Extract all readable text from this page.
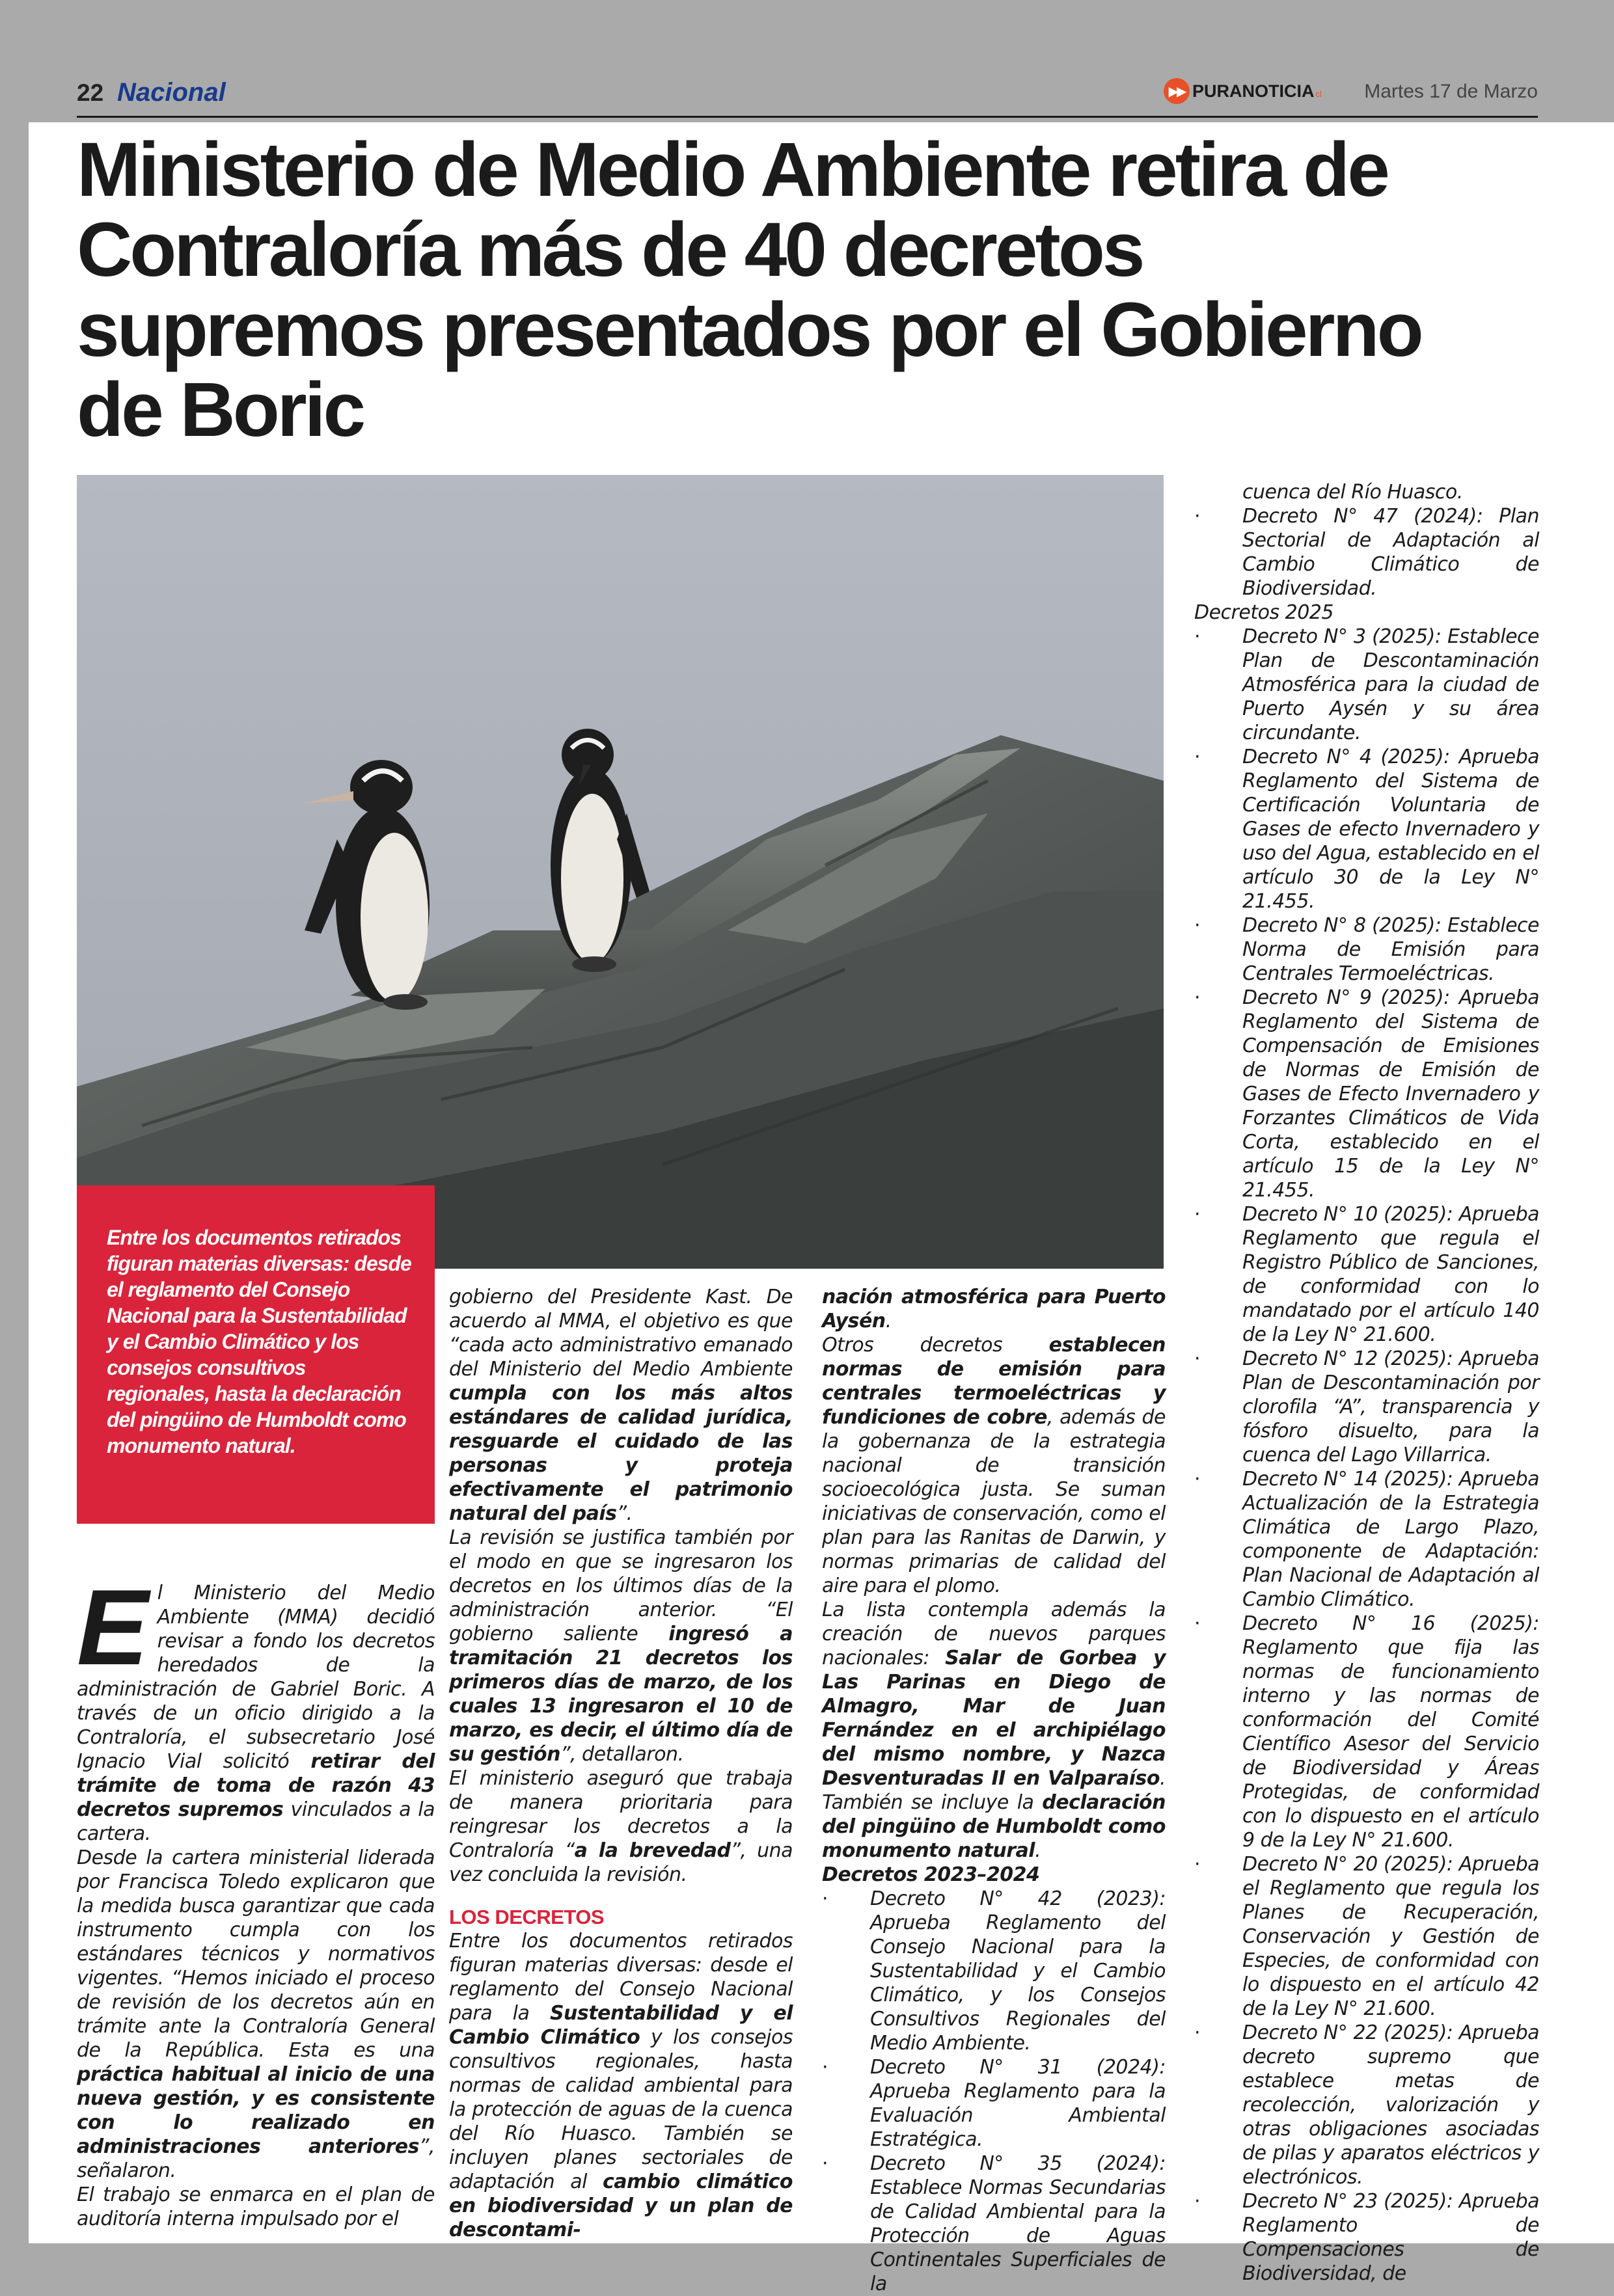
22 Nacional	▶▶ PURANOTICIA cl Martes 17 de Marzo
Ministerio de Medio Ambiente retira de Contraloría más de 40 decretos supremos presentados por el Gobierno de Boric
Entre los documentos retirados figuran materias diversas: desde el reglamento del Consejo Nacional para la Sustentabilidad y el Cambio Climático y los consejos consultivos regionales, hasta la declaración del pingüino de Humboldt como monumento natural.

El Ministerio del Medio Ambiente (MMA) decidió revisar a fondo los decretos heredados de la administración de Gabriel Boric. A través de un oficio dirigido a la Contraloría, el subsecretario José Ignacio Vial solicitó retirar del trámite de toma de razón 43 decretos supremos vinculados a la cartera.

Desde la cartera ministerial liderada por Francisca Toledo explicaron que la medida busca garantizar que cada instrumento cumpla con los estándares técnicos y normativos vigentes. “Hemos iniciado el proceso de revisión de los decretos aún en trámite ante la Contraloría General de la República. Esta es una práctica habitual al inicio de una nueva gestión, y es consistente con lo realizado en administraciones anteriores”, señalaron.

El trabajo se enmarca en el plan de auditoría interna impulsado por el

gobierno del Presidente Kast. De acuerdo al MMA, el objetivo es que “cada acto administrativo emanado del Ministerio del Medio Ambiente cumpla con los más altos estándares de calidad jurídica, resguarde el cuidado de las personas y proteja efectivamente el patrimonio natural del país”.

La revisión se justifica también por el modo en que se ingresaron los decretos en los últimos días de la administración anterior. “El gobierno saliente ingresó a tramitación 21 decretos los primeros días de marzo, de los cuales 13 ingresaron el 10 de marzo, es decir, el último día de su gestión”, detallaron.

El ministerio aseguró que trabaja de manera prioritaria para reingresar los decretos a la Contraloría “a la brevedad”, una vez concluida la revisión.

LOS DECRETOS

Entre los documentos retirados figuran materias diversas: desde el reglamento del Consejo Nacional para la Sustentabilidad y el Cambio Climático y los consejos consultivos regionales, hasta normas de calidad ambiental para la protección de aguas de la cuenca del Río Huasco. También se incluyen planes sectoriales de adaptación al cambio climático en biodiversidad y un plan de descontami-

nación atmosférica para Puerto Aysén.

Otros decretos establecen normas de emisión para centrales termoeléctricas y fundiciones de cobre, además de la gobernanza de la estrategia nacional de transición socioecológica justa. Se suman iniciativas de conservación, como el plan para las Ranitas de Darwin, y normas primarias de calidad del aire para el plomo.

La lista contempla además la creación de nuevos parques nacionales: Salar de Gorbea y Las Parinas en Diego de Almagro, Mar de Juan Fernández en el archipiélago del mismo nombre, y Nazca Desventuradas II en Valparaíso. También se incluye la declaración del pingüino de Humboldt como monumento natural.

Decretos 2023–2024

·	Decreto N° 42 (2023): Aprueba Reglamento del Consejo Nacional para la Sustentabilidad y el Cambio Climático, y los Consejos Consultivos Regionales del Medio Ambiente.
·	Decreto N° 31 (2024): Aprueba Reglamento para la Evaluación Ambiental Estratégica.
·	Decreto N° 35 (2024): Establece Normas Secundarias de Calidad Ambiental para la Protección de Aguas Continentales Superficiales de la

cuenca del Río Huasco.

·	Decreto N° 47 (2024): Plan Sectorial de Adaptación al Cambio Climático de Biodiversidad.

Decretos 2025

·	Decreto N° 3 (2025): Establece Plan de Descontaminación Atmosférica para la ciudad de Puerto Aysén y su área circundante.
·	Decreto N° 4 (2025): Aprueba Reglamento del Sistema de Certificación Voluntaria de Gases de efecto Invernadero y uso del Agua, establecido en el artículo 30 de la Ley N° 21.455.
·	Decreto N° 8 (2025): Establece Norma de Emisión para Centrales Termoeléctricas.
·	Decreto N° 9 (2025): Aprueba Reglamento del Sistema de Compensación de Emisiones de Normas de Emisión de Gases de Efecto Invernadero y Forzantes Climáticos de Vida Corta, establecido en el artículo 15 de la Ley N° 21.455.
·	Decreto N° 10 (2025): Aprueba Reglamento que regula el Registro Público de Sanciones, de conformidad con lo mandatado por el artículo 140 de la Ley N° 21.600.
·	Decreto N° 12 (2025): Aprueba Plan de Descontaminación por clorofila “A”, transparencia y fósforo disuelto, para la cuenca del Lago Villarrica.
·	Decreto N° 14 (2025): Aprueba Actualización de la Estrategia Climática de Largo Plazo, componente de Adaptación: Plan Nacional de Adaptación al Cambio Climático.
·	Decreto N° 16 (2025): Reglamento que fija las normas de funcionamiento interno y las normas de conformación del Comité Científico Asesor del Servicio de Biodiversidad y Áreas Protegidas, de conformidad con lo dispuesto en el artículo 9 de la Ley N° 21.600.
·	Decreto N° 20 (2025): Aprueba el Reglamento que regula los Planes de Recuperación, Conservación y Gestión de Especies, de conformidad con lo dispuesto en el artículo 42 de la Ley N° 21.600.
·	Decreto N° 22 (2025): Aprueba decreto supremo que establece metas de recolección, valorización y otras obligaciones asociadas de pilas y aparatos eléctricos y electrónicos.
·	Decreto N° 23 (2025): Aprueba Reglamento de Compensaciones de Biodiversidad, de
